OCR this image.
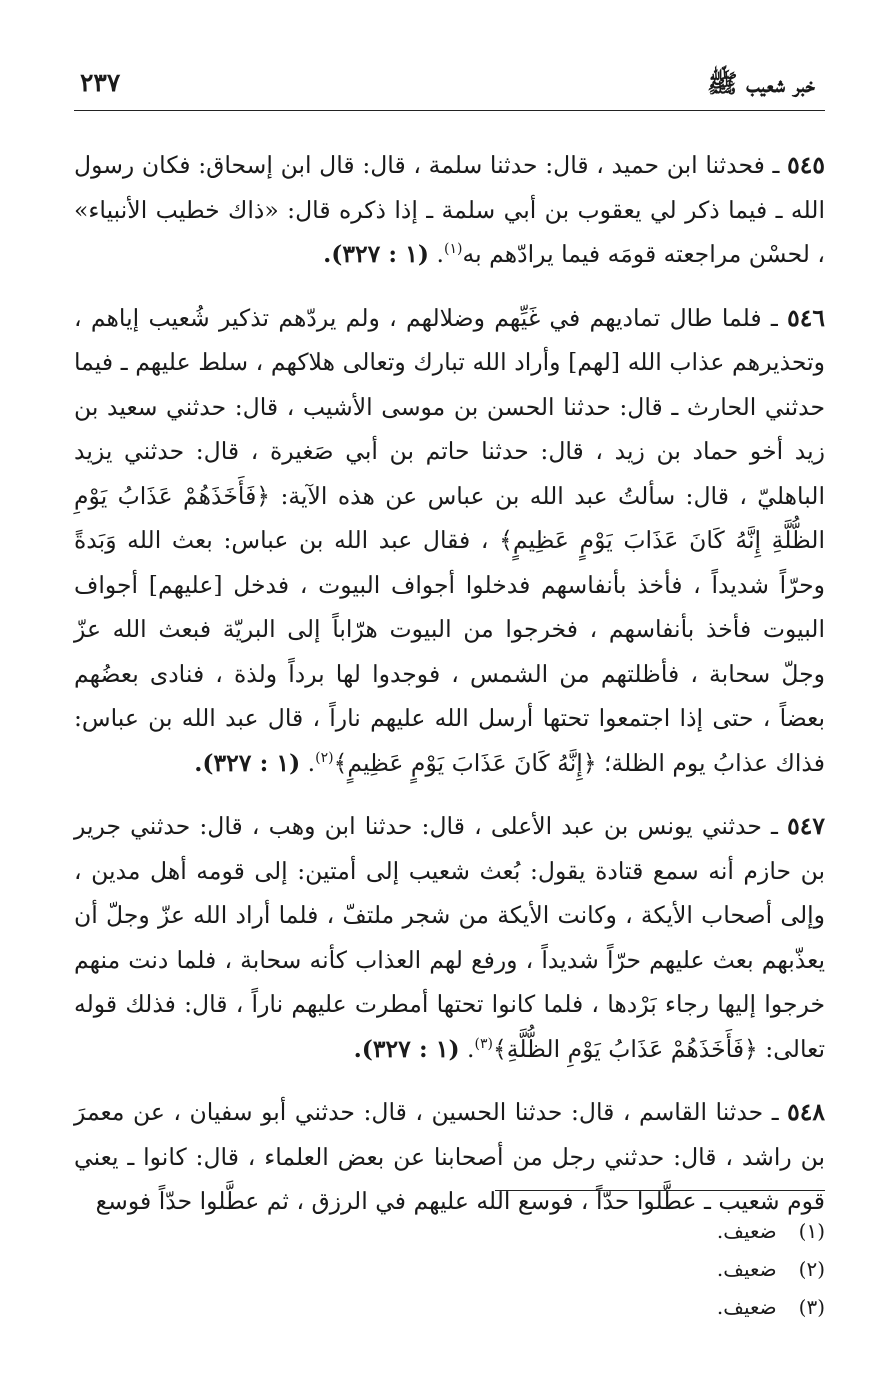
خبر شعيب ﷺ
٢٣٧

٥٤٥ ـ فحدثنا ابن حميد ، قال: حدثنا سلمة ، قال: قال ابن إسحاق: فكان رسول الله ـ فيما ذكر لي يعقوب بن أبي سلمة ـ إذا ذكره قال: «ذاك خطيب الأنبياء» ، لحسْن مراجعته قومَه فيما يرادّهم به$^{(١)}$. (١ : ٣٢٧).

٥٤٦ ـ فلما طال تماديهم في غَيِّهم وضلالهم ، ولم يردّهم تذكير شُعيب إياهم ، وتحذيرهم عذاب الله [لهم] وأراد الله تبارك وتعالى هلاكهم ، سلط عليهم ـ فيما حدثني الحارث ـ قال: حدثنا الحسن بن موسى الأشيب ، قال: حدثني سعيد بن زيد أخو حماد بن زيد ، قال: حدثنا حاتم بن أبي صَغيرة ، قال: حدثني يزيد الباهليّ ، قال: سألتُ عبد الله بن عباس عن هذه الآية: ﴿فَأَخَذَهُمْ عَذَابُ يَوْمِ الظُّلَّةِ إِنَّهُ كَانَ عَذَابَ يَوْمٍ عَظِيمٍ﴾ ، فقال عبد الله بن عباس: بعث الله وَبَدةً وحرّاً شديداً ، فأخذ بأنفاسهم فدخلوا أجواف البيوت ، فدخل [عليهم] أجواف البيوت فأخذ بأنفاسهم ، فخرجوا من البيوت هرّاباً إلى البريّة فبعث الله عزّ وجلّ سحابة ، فأظلتهم من الشمس ، فوجدوا لها برداً ولذة ، فنادى بعضُهم بعضاً ، حتى إذا اجتمعوا تحتها أرسل الله عليهم ناراً ، قال عبد الله بن عباس: فذاك عذابُ يوم الظلة؛ ﴿إِنَّهُ كَانَ عَذَابَ يَوْمٍ عَظِيمٍ﴾$^{(٢)}$. (١ : ٣٢٧).

٥٤٧ ـ حدثني يونس بن عبد الأعلى ، قال: حدثنا ابن وهب ، قال: حدثني جرير بن حازم أنه سمع قتادة يقول: بُعث شعيب إلى أمتين: إلى قومه أهل مدين ، وإلى أصحاب الأيكة ، وكانت الأيكة من شجر ملتفّ ، فلما أراد الله عزّ وجلّ أن يعذّبهم بعث عليهم حرّاً شديداً ، ورفع لهم العذاب كأنه سحابة ، فلما دنت منهم خرجوا إليها رجاء بَرْدها ، فلما كانوا تحتها أمطرت عليهم ناراً ، قال: فذلك قوله تعالى: ﴿فَأَخَذَهُمْ عَذَابُ يَوْمِ الظُّلَّةِ﴾$^{(٣)}$. (١ : ٣٢٧).

٥٤٨ ـ حدثنا القاسم ، قال: حدثنا الحسين ، قال: حدثني أبو سفيان ، عن معمرَ بن راشد ، قال: حدثني رجل من أصحابنا عن بعض العلماء ، قال: كانوا ـ يعني قوم شعيب ـ عطَّلوا حدّاً ، فوسع الله عليهم في الرزق ، ثم عطَّلوا حدّاً فوسع

(١) ضعيف.
(٢) ضعيف.
(٣) ضعيف.
